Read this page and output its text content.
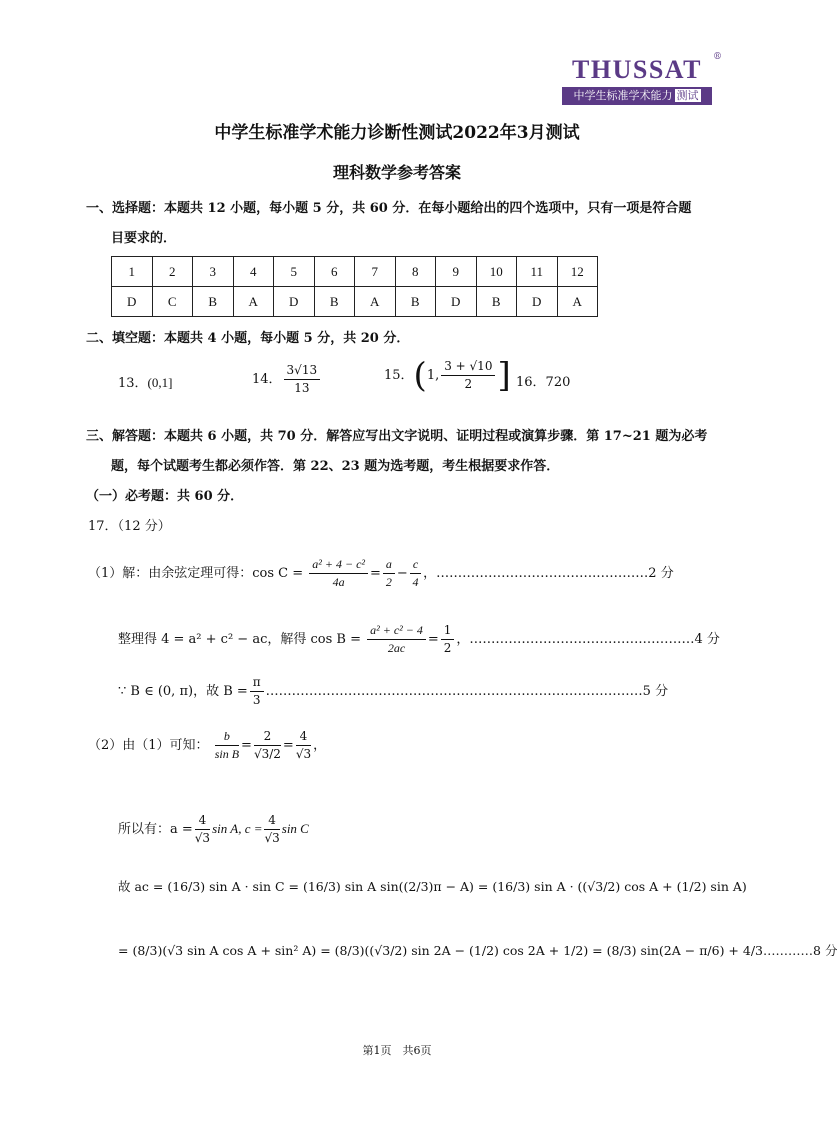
THUSSAT	®
中学生标准学术能力 测试
中学生标准学术能力诊断性测试2022年3月测试
理科数学参考答案
一、选择题：本题共 12 小题，每小题 5 分，共 60 分．在每小题给出的四个选项中，只有一项是符合题
目要求的．
1	2	3	4	5	6	7	8	9	10	11	12
D	C	B	A	D	B	A	B	D	B	D	A
二、填空题：本题共 4 小题，每小题 5 分，共 20 分．
13．(0,1]	14． $\frac{3√13}{13}$	15．(1, $\frac{3 + √10}{2}$ ] 16．720
三、解答题：本题共 6 小题，共 70 分．解答应写出文字说明、证明过程或演算步骤．第 17~21 题为必考
题，每个试题考生都必须作答．第 22、23 题为选考题，考生根据要求作答．
（一）必考题：共 60 分．
17．（12 分）
（1）解：由余弦定理可得：$\cos C = \frac{\text{a² + 4 − c²}}{4a} = \frac{a}{2} - \frac{c}{4}$ ，……………………………….…………2 分
整理得 4 = a² + c² − ac，解得 $\cos B = \frac{\text{a² + c² − 4}}{2ac} = \frac{1}{2}$ ，………………………………….…………4 分
∵ B ∈ (0, π)，故 $B = \frac{\pi}{3}$ ……………………………………………………………………………5 分
（2）由（1）可知： $\frac{b}{\text{sin B}} = \frac{2}{√3/2} = \frac{4}{√3}$ ，
所以有：$a = \frac{4}{√3}$ sin A, $c = \frac{4}{√3}$ sin C
故 ac = (16/3) sin A · sin C = (16/3) sin A sin((2/3)π − A) = (16/3) sin A · ((√3/2) cos A + (1/2) sin A)
= (8/3)(√3 sin A cos A + sin² A) = (8/3)((√3/2) sin 2A − (1/2) cos 2A + 1/2) = (8/3) sin(2A − π/6) + 4/3…………8 分
第1页　共6页
